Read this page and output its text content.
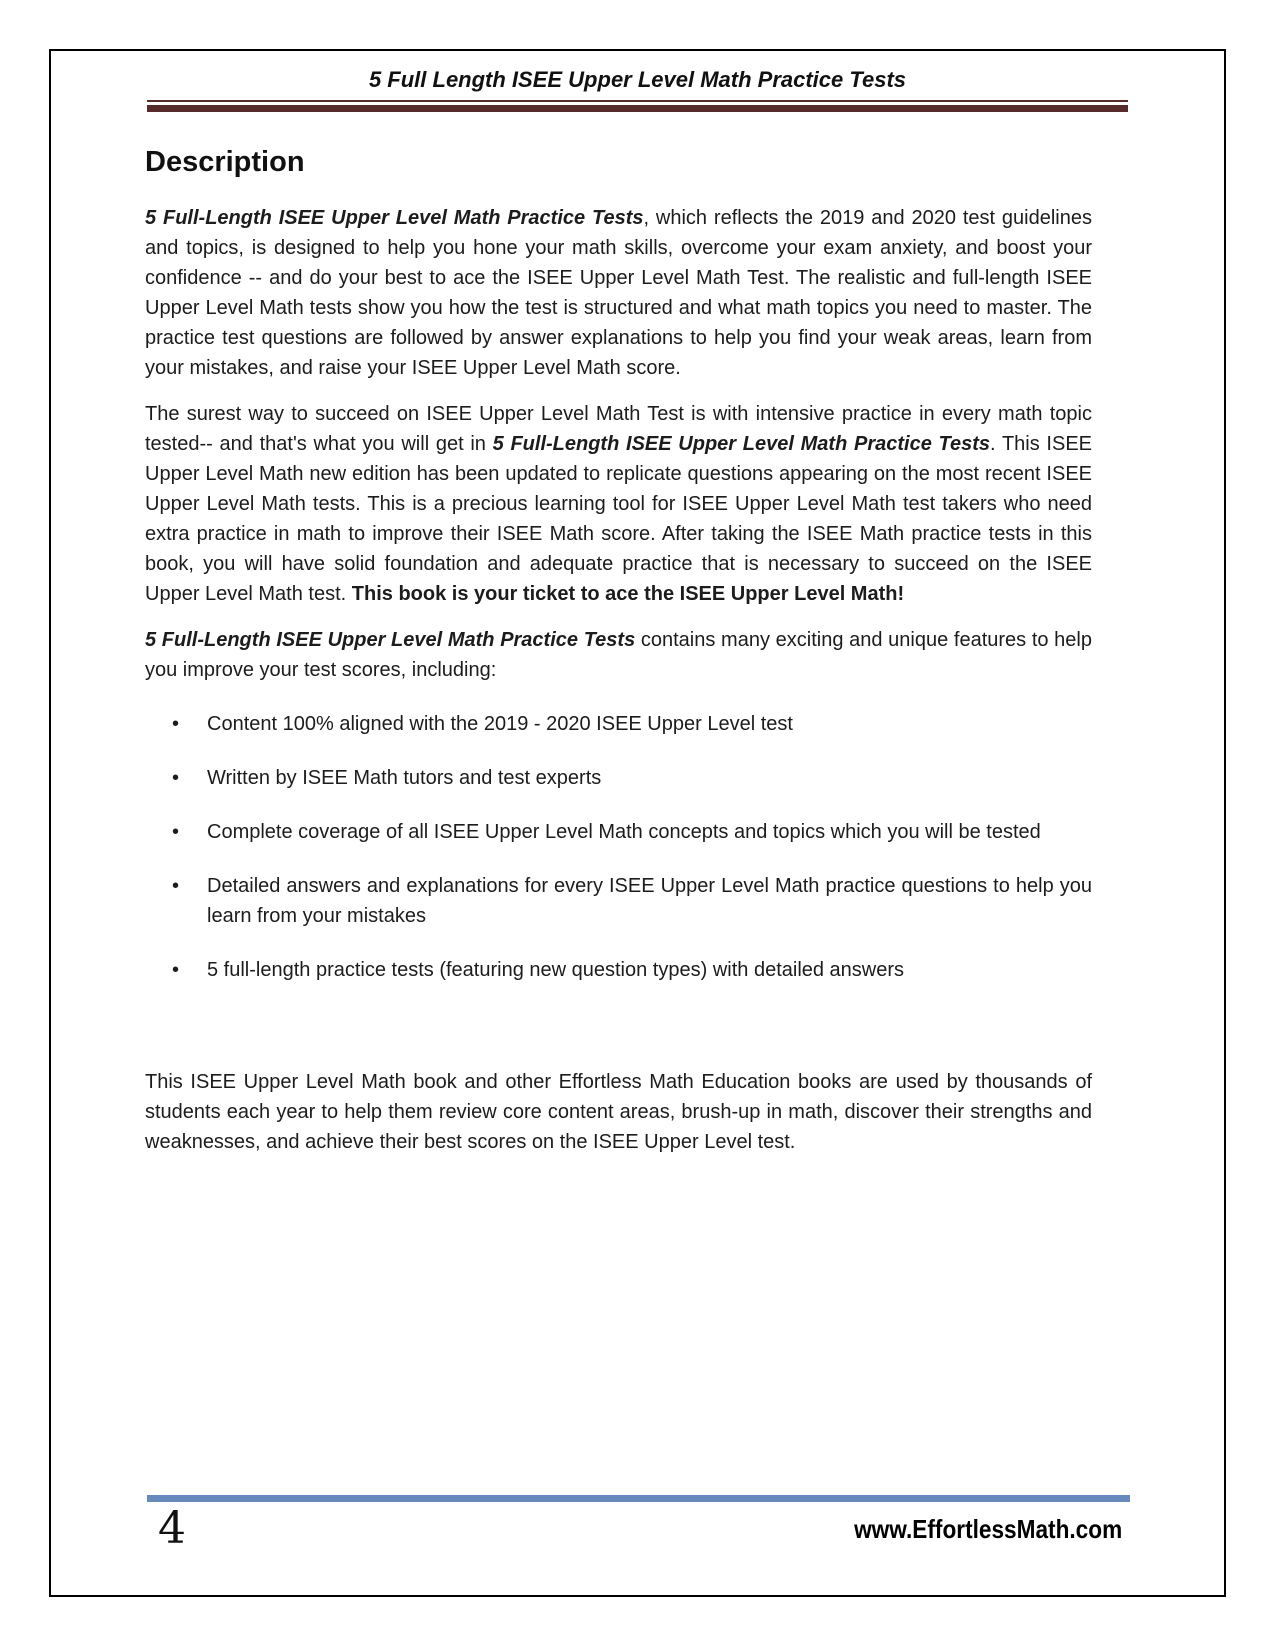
5 Full Length ISEE Upper Level Math Practice Tests
Description
5 Full-Length ISEE Upper Level Math Practice Tests, which reflects the 2019 and 2020 test guidelines and topics, is designed to help you hone your math skills, overcome your exam anxiety, and boost your confidence -- and do your best to ace the ISEE Upper Level Math Test. The realistic and full-length ISEE Upper Level Math tests show you how the test is structured and what math topics you need to master. The practice test questions are followed by answer explanations to help you find your weak areas, learn from your mistakes, and raise your ISEE Upper Level Math score.
The surest way to succeed on ISEE Upper Level Math Test is with intensive practice in every math topic tested-- and that's what you will get in 5 Full-Length ISEE Upper Level Math Practice Tests. This ISEE Upper Level Math new edition has been updated to replicate questions appearing on the most recent ISEE Upper Level Math tests. This is a precious learning tool for ISEE Upper Level Math test takers who need extra practice in math to improve their ISEE Math score. After taking the ISEE Math practice tests in this book, you will have solid foundation and adequate practice that is necessary to succeed on the ISEE Upper Level Math test. This book is your ticket to ace the ISEE Upper Level Math!
5 Full-Length ISEE Upper Level Math Practice Tests contains many exciting and unique features to help you improve your test scores, including:
• Content 100% aligned with the 2019 - 2020 ISEE Upper Level test
• Written by ISEE Math tutors and test experts
• Complete coverage of all ISEE Upper Level Math concepts and topics which you will be tested
• Detailed answers and explanations for every ISEE Upper Level Math practice questions to help you learn from your mistakes
• 5 full-length practice tests (featuring new question types) with detailed answers
This ISEE Upper Level Math book and other Effortless Math Education books are used by thousands of students each year to help them review core content areas, brush-up in math, discover their strengths and weaknesses, and achieve their best scores on the ISEE Upper Level test.
4	www.EffortlessMath.com
